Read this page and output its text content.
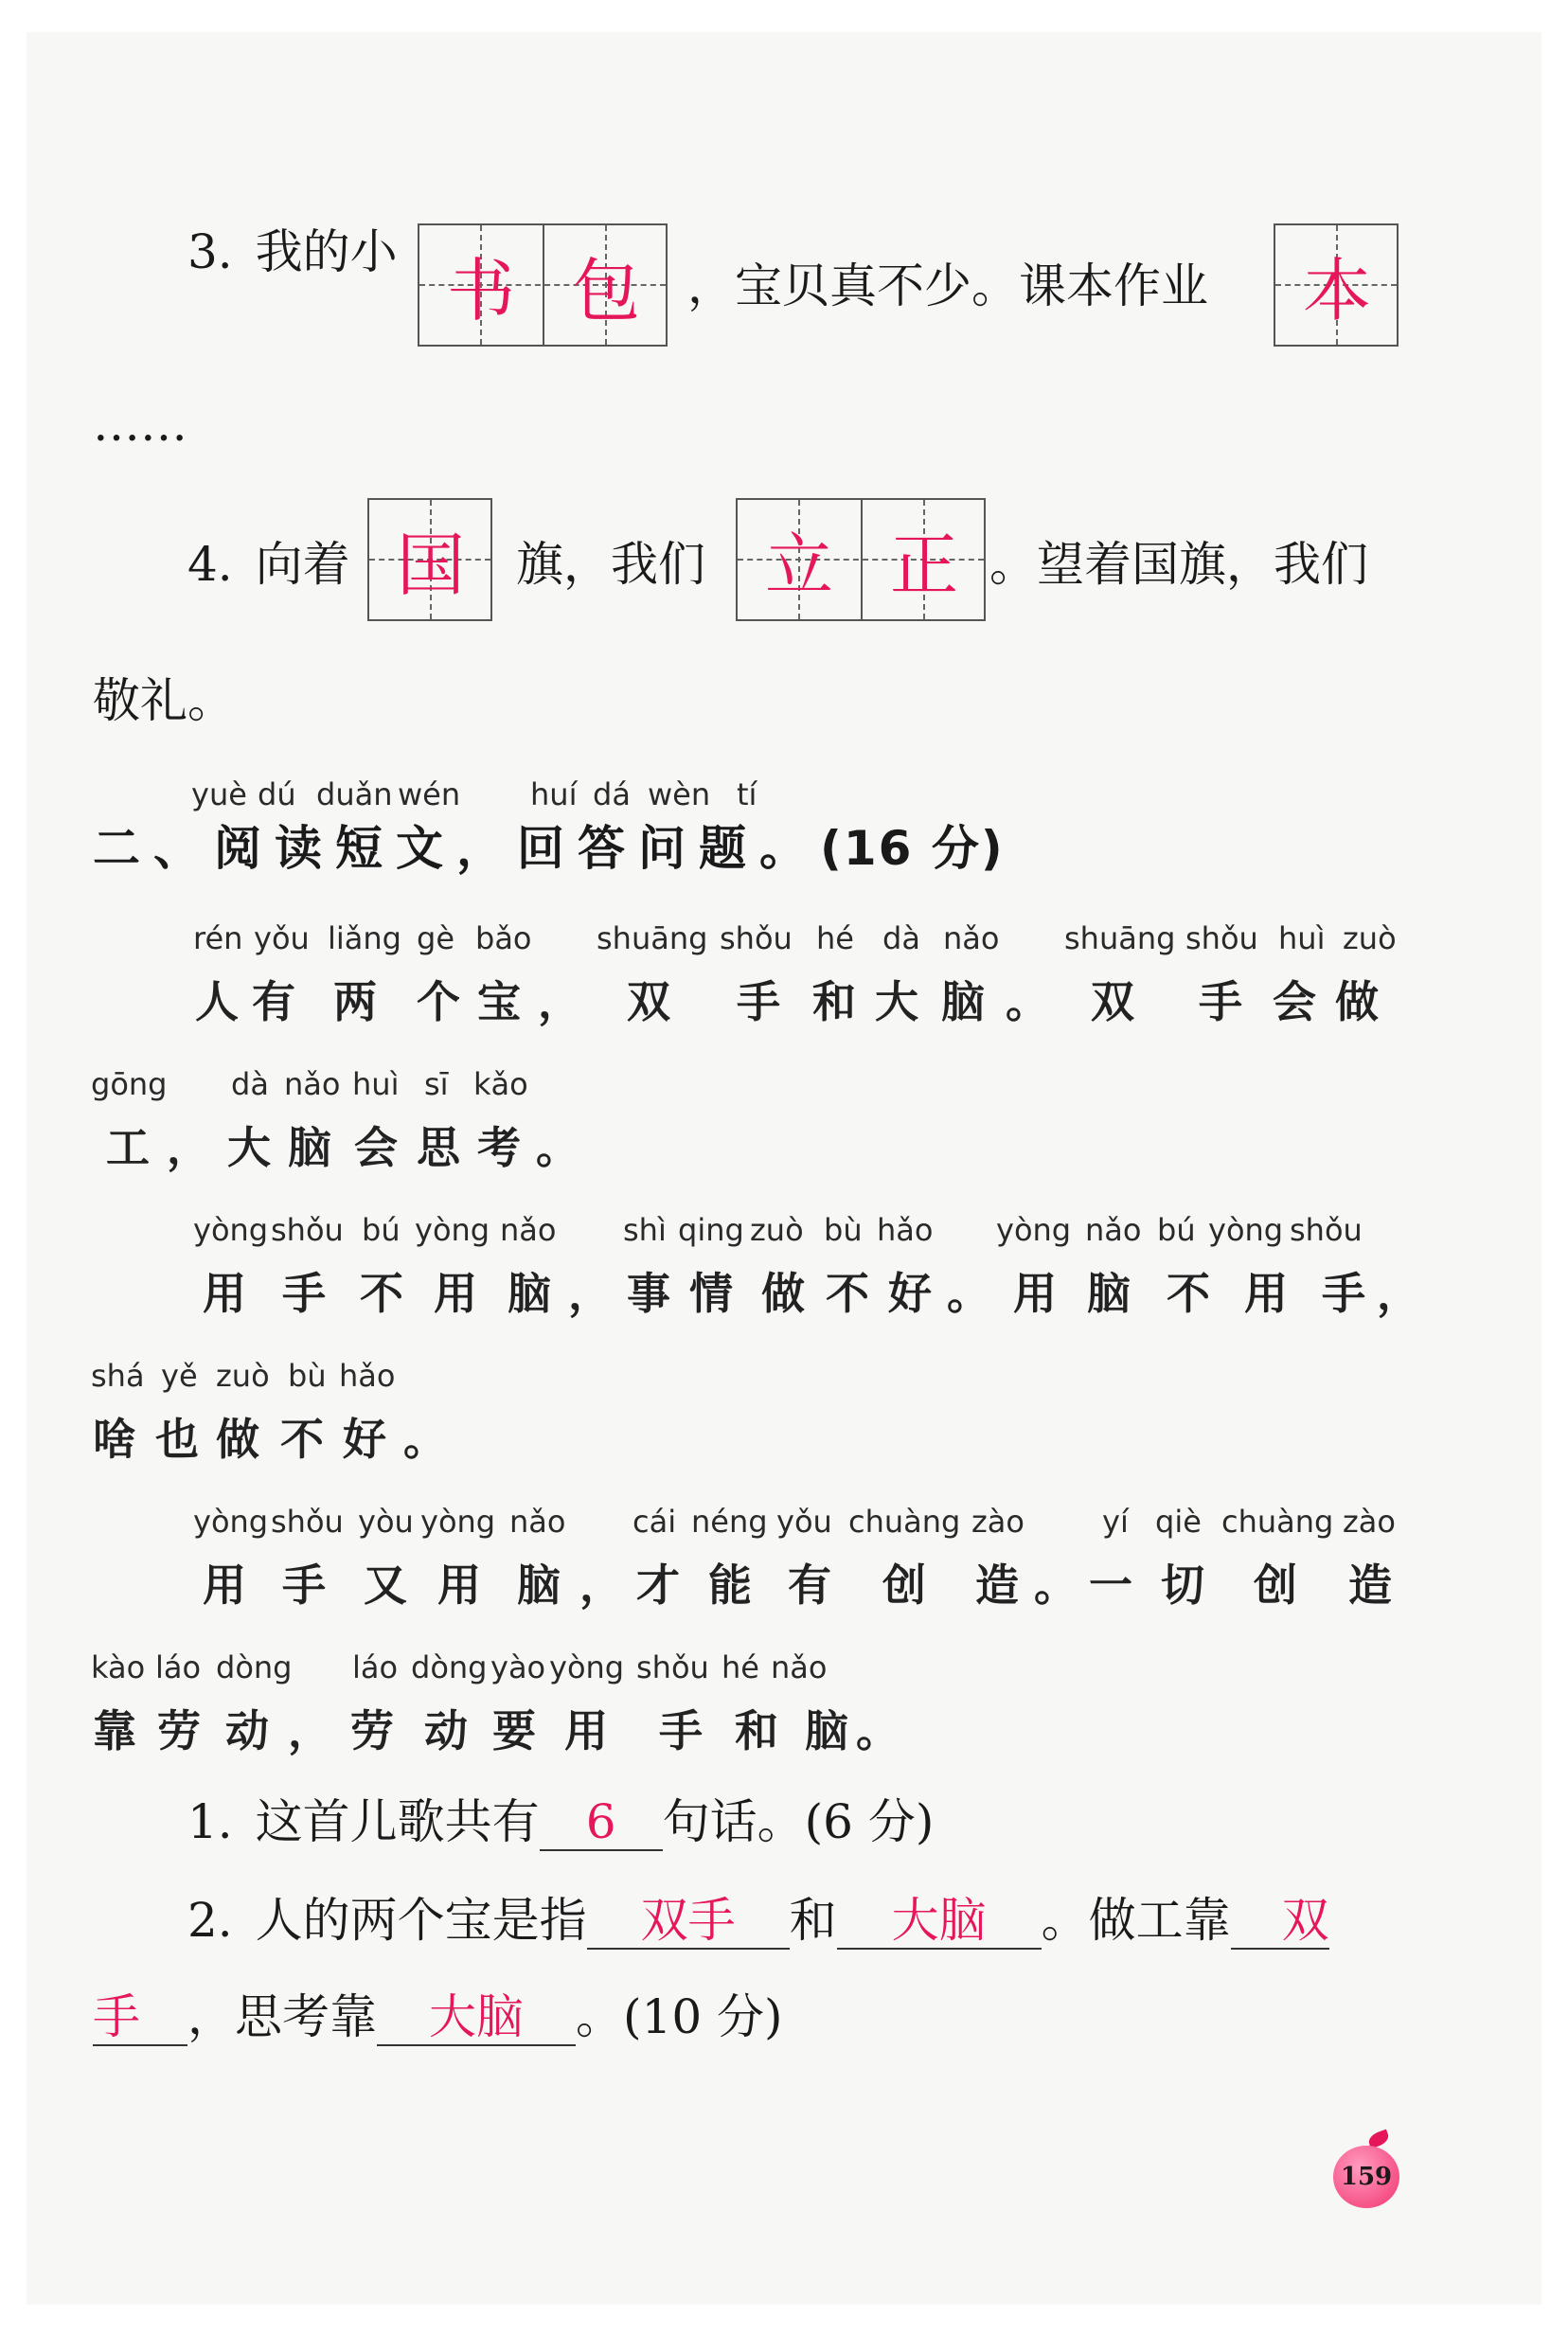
3. 我的小 书 包	，宝贝真不少。课本作业	本
……
4. 向着 国	旗，我们 立 正 。望着国旗，我们
敬礼。
yuè dú duǎn wén huí dá wèn tí
二、阅读短文，回答问题。(16 分)
rén yǒu liǎng gè bǎo shuāng shǒu hé dà nǎo shuāng shǒu huì zuò
人 有 两 个 宝 ， 双 手 和 大 脑 。 双 手 会 做
gōng dà nǎo huì sī kǎo
工 ， 大 脑 会 思 考 。
yòng shǒu bú yòng nǎo shì qing zuò bù hǎo yòng nǎo bú yòng shǒu
用 手 不 用 脑 ， 事 情 做 不 好 。 用 脑 不 用 手 ，
shá yě zuò bù hǎo
啥 也 做 不 好 。
yòng shǒu yòu yòng nǎo cái néng yǒu chuàng zào	yí qiè chuàng zào
用 手 又 用 脑 ， 才 能 有 创 造 。 一 切 创 造
kào láo dòng láo dòng yào yòng shǒu hé nǎo
靠 劳 动 ， 劳 动 要 用 手 和 脑 。
1. 这首儿歌共有 6 句话。(6 分)
2. 人的两个宝是指 双手 和 大脑 。做工靠 双
手 ，思考靠 大脑 。(10 分)
159
